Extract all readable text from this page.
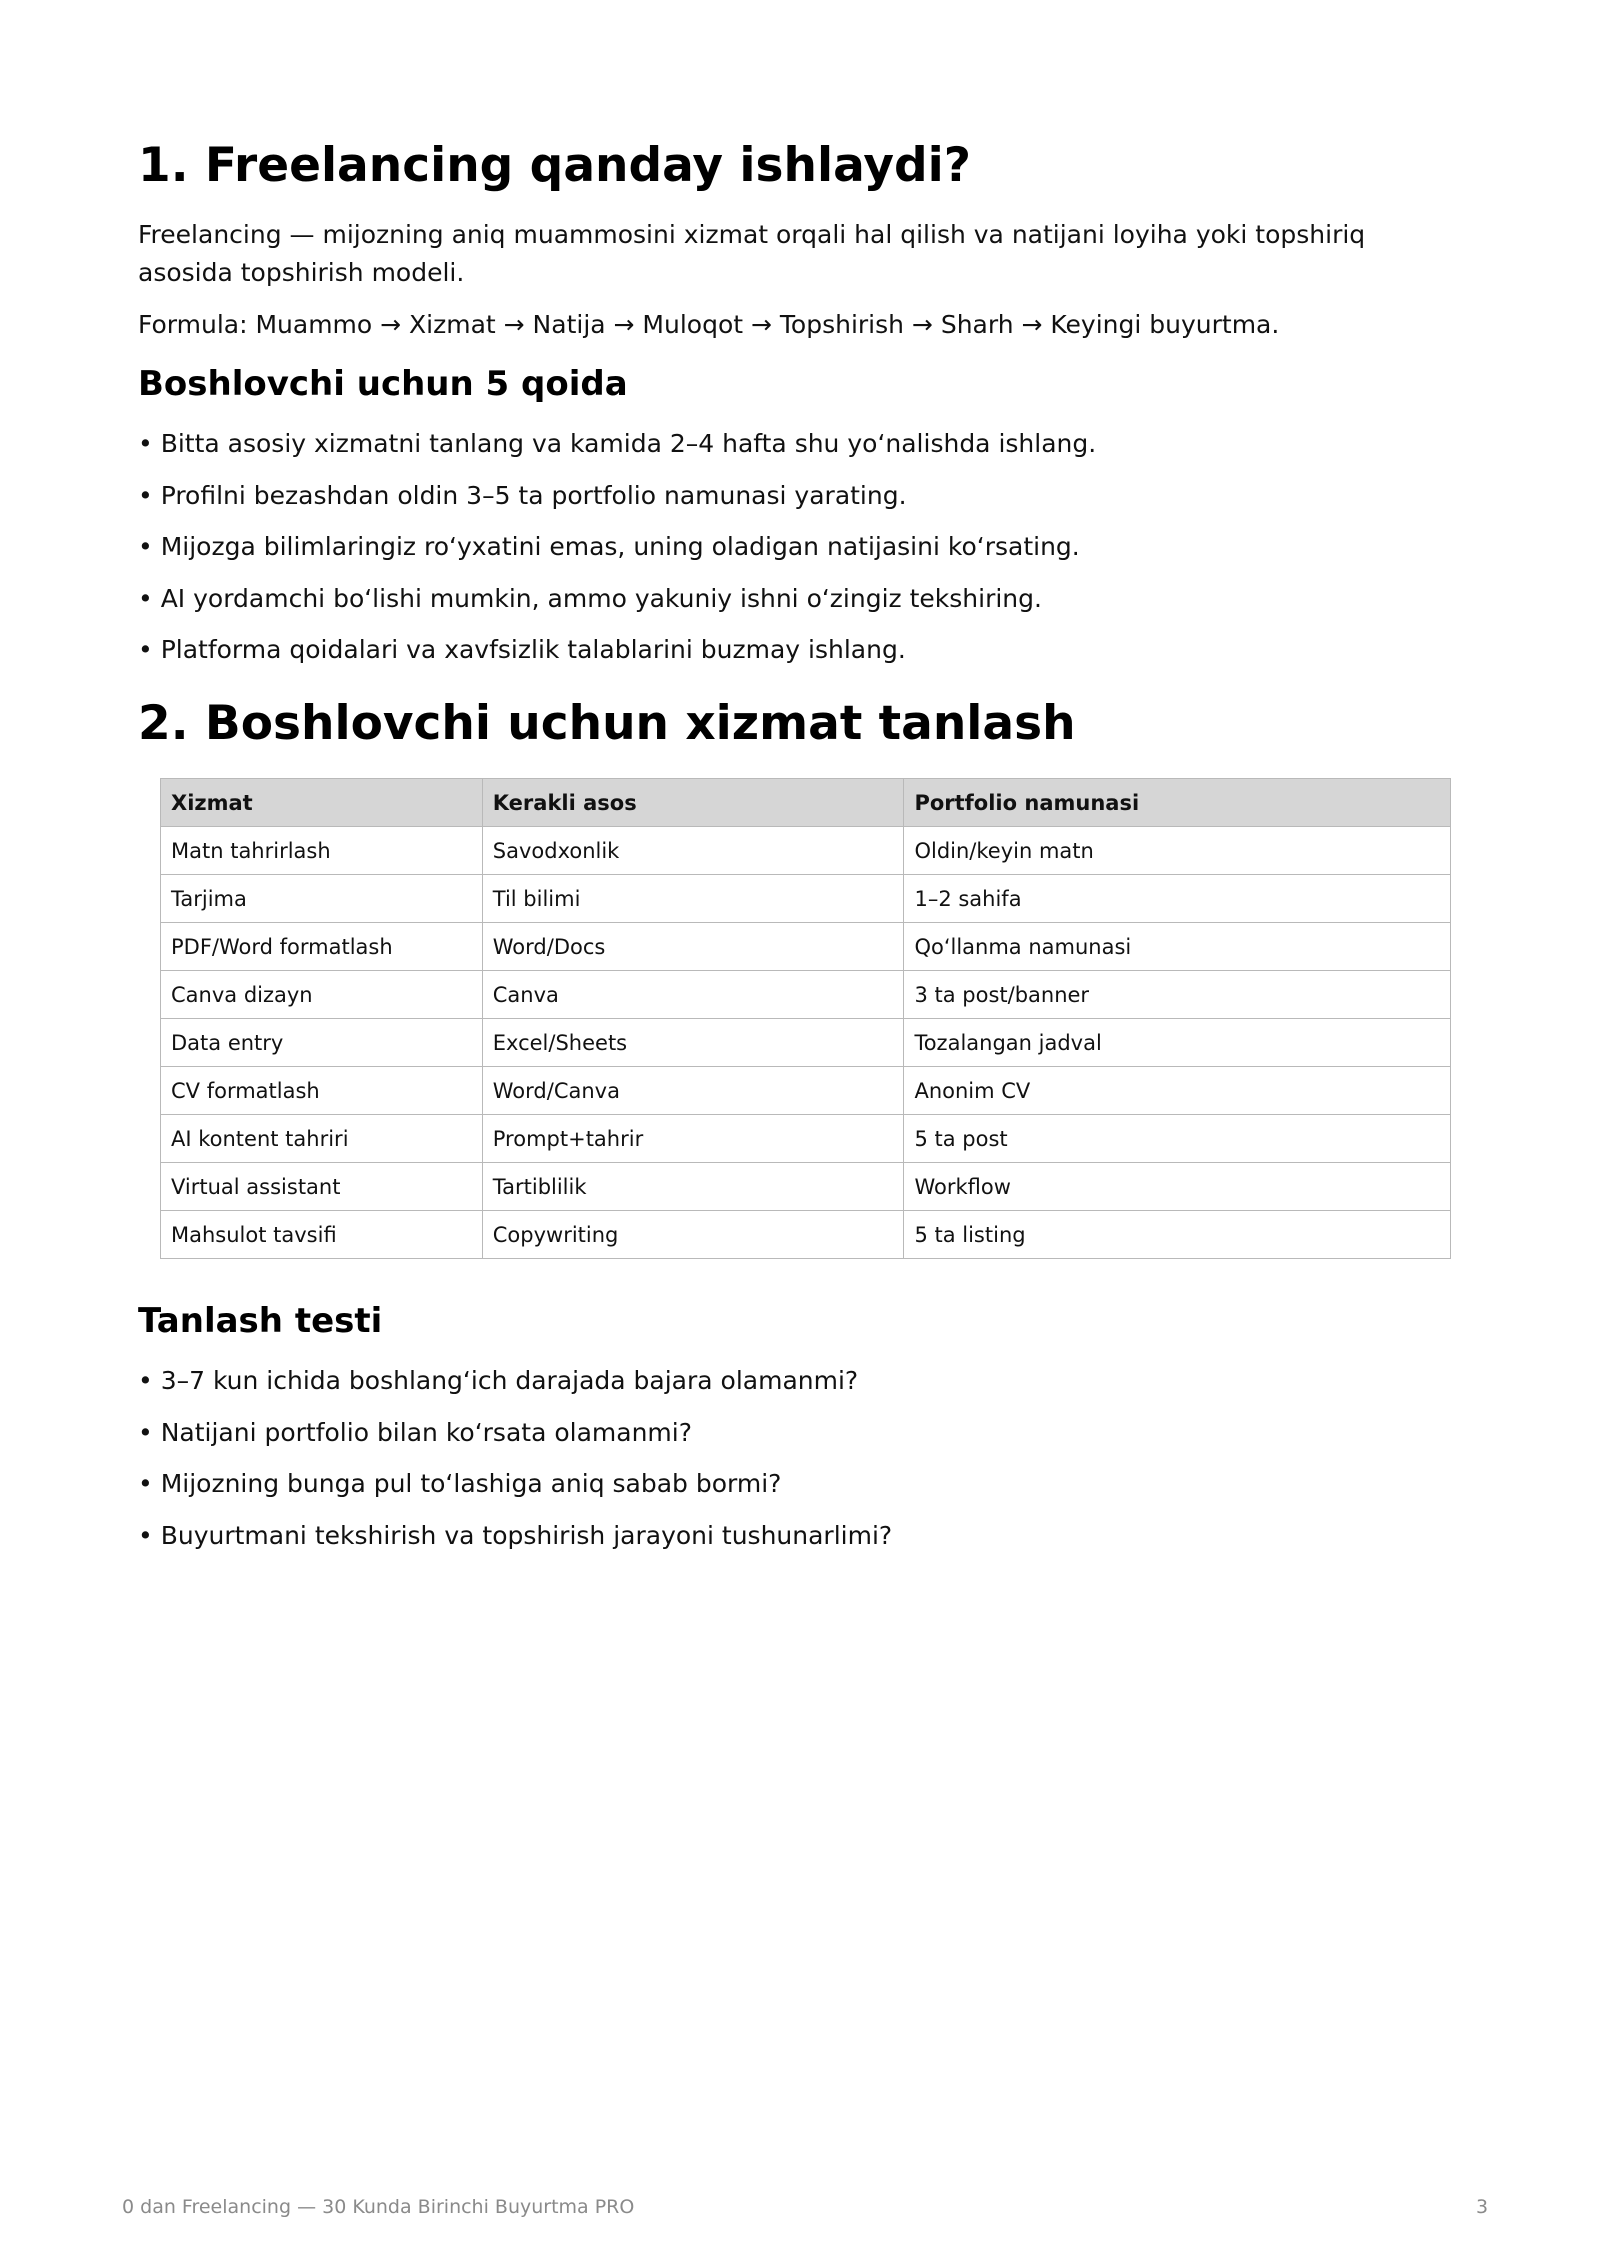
1. Freelancing qanday ishlaydi?

Freelancing — mijozning aniq muammosini xizmat orqali hal qilish va natijani loyiha yoki topshiriq asosida topshirish modeli.

Formula: Muammo → Xizmat → Natija → Muloqot → Topshirish → Sharh → Keyingi buyurtma.

Boshlovchi uchun 5 qoida
• Bitta asosiy xizmatni tanlang va kamida 2–4 hafta shu yo‘nalishda ishlang.
• Profilni bezashdan oldin 3–5 ta portfolio namunasi yarating.
• Mijozga bilimlaringiz ro‘yxatini emas, uning oladigan natijasini ko‘rsating.
• AI yordamchi bo‘lishi mumkin, ammo yakuniy ishni o‘zingiz tekshiring.
• Platforma qoidalari va xavfsizlik talablarini buzmay ishlang.
2. Boshlovchi uchun xizmat tanlash
Xizmat	Kerakli asos	Portfolio namunasi
Matn tahrirlash	Savodxonlik	Oldin/keyin matn
Tarjima	Til bilimi	1–2 sahifa
PDF/Word formatlash	Word/Docs	Qo‘llanma namunasi
Canva dizayn	Canva	3 ta post/banner
Data entry	Excel/Sheets	Tozalangan jadval
CV formatlash	Word/Canva	Anonim CV
AI kontent tahriri	Prompt+tahrir	5 ta post
Virtual assistant	Tartiblilik	Workflow
Mahsulot tavsifi	Copywriting	5 ta listing
Tanlash testi
• 3–7 kun ichida boshlang‘ich darajada bajara olamanmi?
• Natijani portfolio bilan ko‘rsata olamanmi?
• Mijozning bunga pul to‘lashiga aniq sabab bormi?
• Buyurtmani tekshirish va topshirish jarayoni tushunarlimi?
0 dan Freelancing — 30 Kunda Birinchi Buyurtma PRO	3
